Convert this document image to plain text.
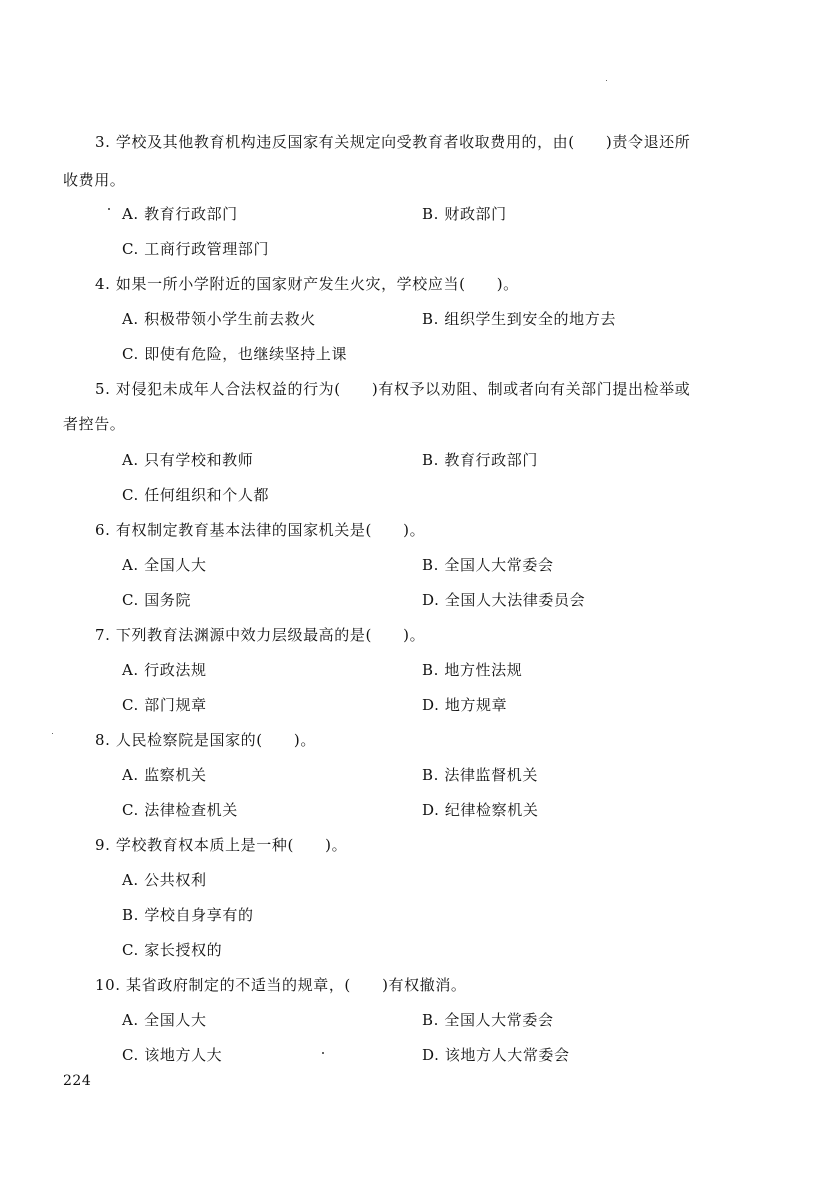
3. 学校及其他教育机构违反国家有关规定向受教育者收取费用的，由(　　)责令退还所
收费用。
A. 教育行政部门	B. 财政部门
C. 工商行政管理部门
4. 如果一所小学附近的国家财产发生火灾，学校应当(　　)。
A. 积极带领小学生前去救火	B. 组织学生到安全的地方去
C. 即使有危险，也继续坚持上课
5. 对侵犯未成年人合法权益的行为(　　)有权予以劝阻、制或者向有关部门提出检举或
者控告。
A. 只有学校和教师	B. 教育行政部门
C. 任何组织和个人都
6. 有权制定教育基本法律的国家机关是(　　)。
A. 全国人大	B. 全国人大常委会
C. 国务院	D. 全国人大法律委员会
7. 下列教育法渊源中效力层级最高的是(　　)。
A. 行政法规	B. 地方性法规
C. 部门规章	D. 地方规章
8. 人民检察院是国家的(　　)。
A. 监察机关	B. 法律监督机关
C. 法律检查机关	D. 纪律检察机关
9. 学校教育权本质上是一种(　　)。
A. 公共权利
B. 学校自身享有的
C. 家长授权的
10. 某省政府制定的不适当的规章，(　　)有权撤消。
A. 全国人大	B. 全国人大常委会
C. 该地方人大	D. 该地方人大常委会
224
